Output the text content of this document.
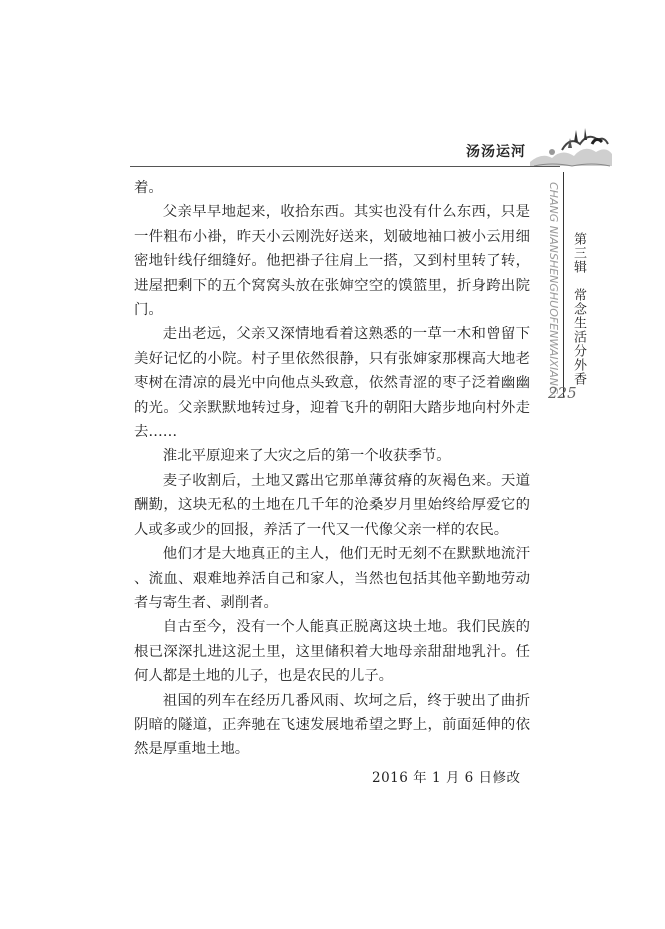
汤汤运河
CHANG NIANSHENGHUOFENWAIXIANG 第三辑
常念生活分外香
225

着。

父亲早早地起来，收拾东西。其实也没有什么东西，只是一件粗布小褂，昨天小云刚洗好送来，划破地袖口被小云用细密地针线仔细缝好。他把褂子往肩上一搭，又到村里转了转，进屋把剩下的五个窝窝头放在张婶空空的馍篮里，折身跨出院门。

走出老远，父亲又深情地看着这熟悉的一草一木和曾留下美好记忆的小院。村子里依然很静，只有张婶家那棵高大地老枣树在清凉的晨光中向他点头致意，依然青涩的枣子泛着幽幽的光。父亲默默地转过身，迎着飞升的朝阳大踏步地向村外走去……

淮北平原迎来了大灾之后的第一个收获季节。

麦子收割后，土地又露出它那单薄贫瘠的灰褐色来。天道酬勤，这块无私的土地在几千年的沧桑岁月里始终给厚爱它的人或多或少的回报，养活了一代又一代像父亲一样的农民。

他们才是大地真正的主人，他们无时无刻不在默默地流汗、流血、艰难地养活自己和家人，当然也包括其他辛勤地劳动者与寄生者、剥削者。

自古至今，没有一个人能真正脱离这块土地。我们民族的根已深深扎进这泥土里，这里储积着大地母亲甜甜地乳汁。任何人都是土地的儿子，也是农民的儿子。

祖国的列车在经历几番风雨、坎坷之后，终于驶出了曲折阴暗的隧道，正奔驰在飞速发展地希望之野上，前面延伸的依然是厚重地土地。

2016 年 1 月 6 日修改
